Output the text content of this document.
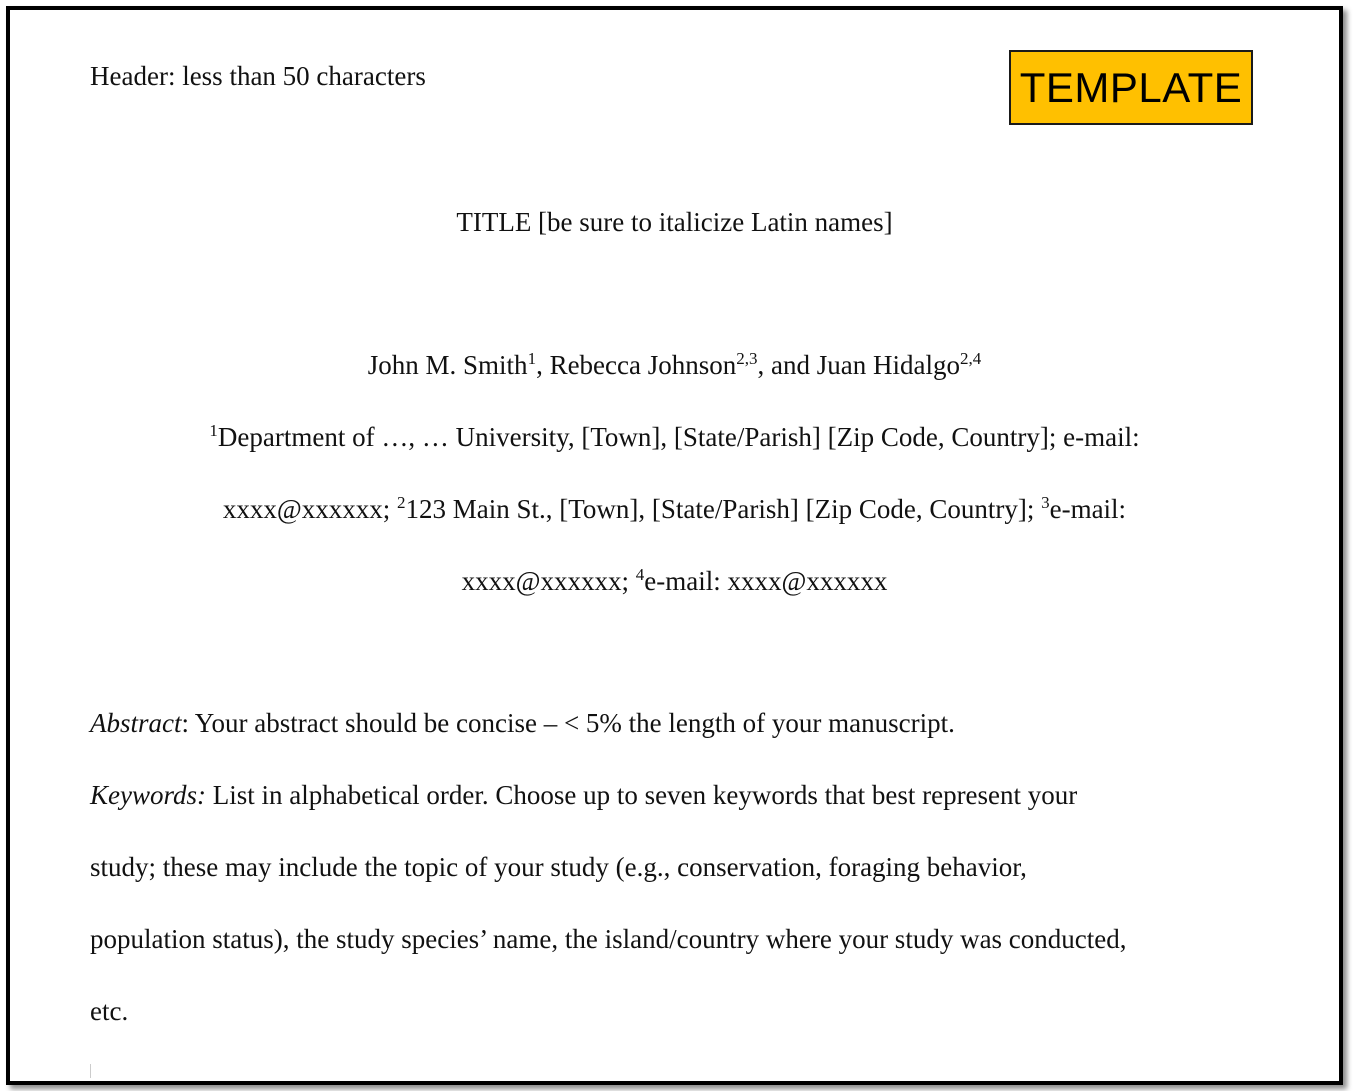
Header: less than 50 characters	TEMPLATE
TITLE [be sure to italicize Latin names]
John M. Smith$^1$, Rebecca Johnson$^{2,3}$, and Juan Hidalgo$^{2,4}$
$^1$Department of …, … University, [Town], [State/Parish] [Zip Code, Country]; e-mail:
xxxx@xxxxxx; $^2$123 Main St., [Town], [State/Parish] [Zip Code, Country]; $^3$e-mail:
xxxx@xxxxxx; $^4$e-mail: xxxx@xxxxxx
Abstract: Your abstract should be concise – < 5% the length of your manuscript.
Keywords: List in alphabetical order. Choose up to seven keywords that best represent your
study; these may include the topic of your study (e.g., conservation, foraging behavior,
population status), the study species’ name, the island/country where your study was conducted,
etc.
